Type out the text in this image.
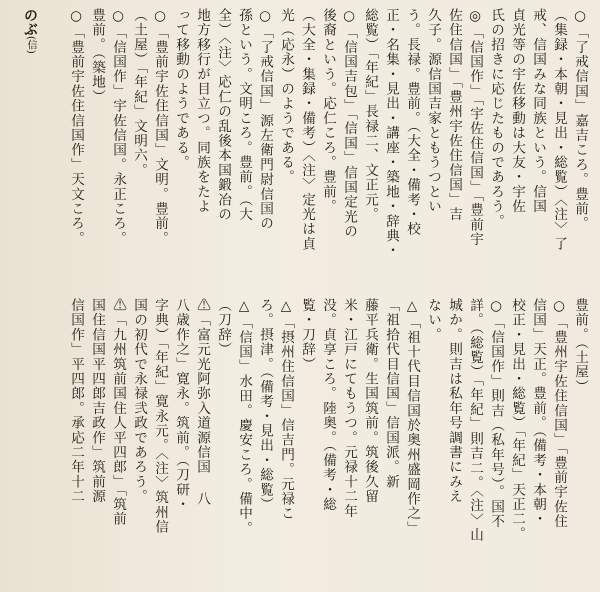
のぶ(信)	○「了戒信国」嘉吉ころ。豊前。
（集録・本朝・見出・総覧）〈注〉了
戒、信国みな同族という。信国
貞光等の宇佐移動は大友・宇佐
氏の招きに応じたものであろう。
◎「信国作」「宇佐住信国」「豊前宇
佐住信国」「豊州宇佐住信国」吉
久子。源信国吉家ともうつとい
う。長禄。豊前。（大全・備考・校
正・名集・見出・講座・築地・辞典・
総覧）「年紀」長禄二、文正元。
○「信国吉包」「信国」信国定光の
後裔という。応仁ころ。豊前。
（大全・集録・備考）〈注〉定光は貞
光（応永）のようである。
○「了戒信国」源左衛門尉信国の
孫という。文明ころ。豊前。（大
全）〈注〉応仁の乱後本国鍛冶の
地方移行が目立つ。同族をたよ
って移動のようである。
○「豊前宇佐住信国」文明。豊前。
（土屋）「年紀」文明六。
○「信国作」宇佐信国。永正ころ。
豊前。（築地）
○「豊前宇佐住信国作」天文ころ。
豊前。（土屋）
○「豊州宇佐住信国」「豊前宇佐住
信国」天正。豊前。（備考・本朝・
校正・見出・総覧）「年紀」天正二。
○「信国作」則吉（私年号）。国不
詳。（総覧）「年紀」則吉二。〈注〉山
城か。則吉は私年号調書にみえ
ない。
△「祖十代目信国於奥州盛岡作之」
「祖拾代目信国」信国派。新
藤平兵衛。生国筑前。筑後久留
米・江戸にてもうつ。元禄十二年
没。貞享ころ。陸奥。（備考・総
覧・刀辞）
△「摂州住信国」信吉門。元禄こ
ろ。摂津。（備考・見出・総覧）
△「信国」水田。慶安ころ。備中。
（刀辞）
⚠「富元光阿弥入道源信国 八
八歳作之」寛永。筑前。（刀研・
字典）「年紀」寛永元。〈注〉筑州信
国の初代で永禄弐政であろう。
⚠「九州筑前国住人平四郎」「筑前
国住信国平四郎吉政作」筑前源
信国作」平四郎。承応二年十二
